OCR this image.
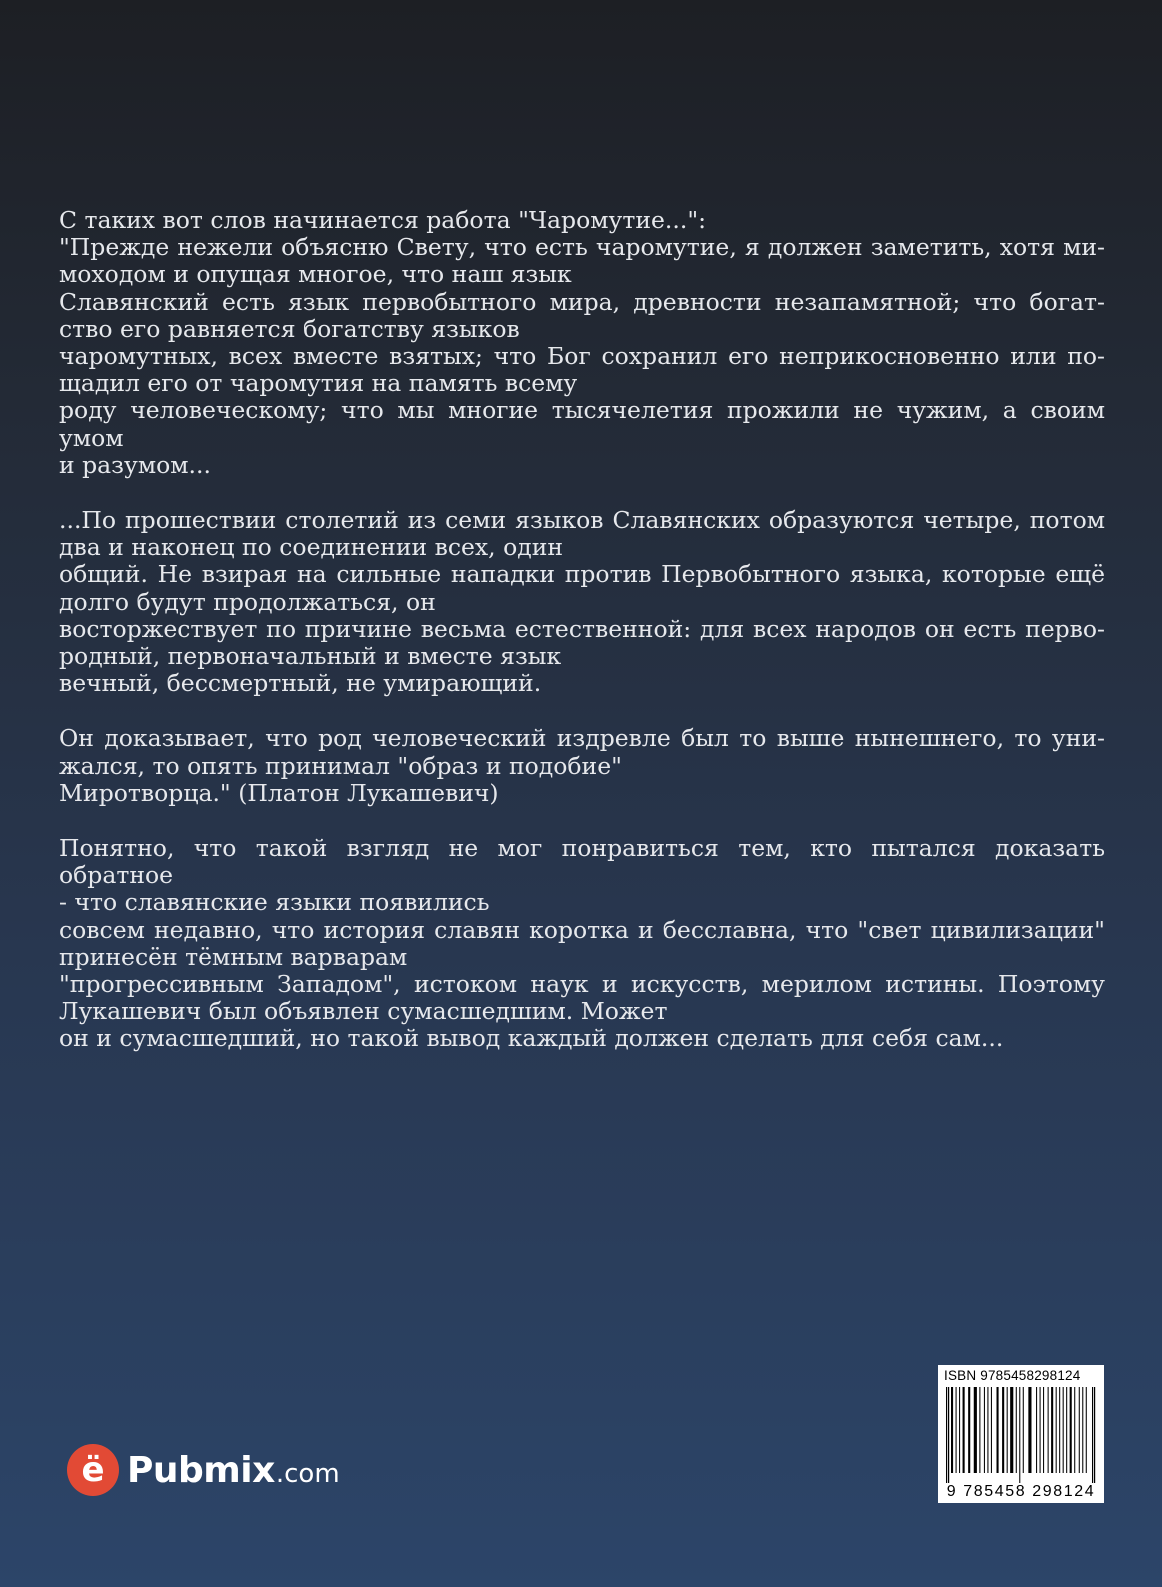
С таких вот слов начинается работа "Чаромутие...":
"Прежде нежели объясню Свету, что есть чаромутие, я должен заметить, хотя ми-
моходом и опущая многое, что наш язык
Славянский есть язык первобытного мира, древности незапамятной; что богат-
ство его равняется богатству языков
чаромутных, всех вместе взятых; что Бог сохранил его неприкосновенно или по-
щадил его от чаромутия на память всему
роду человеческому; что мы многие тысячелетия прожили не чужим, а своим умом
и разумом...

...По прошествии столетий из семи языков Славянских образуются четыре, потом
два и наконец по соединении всех, один
общий. Не взирая на сильные нападки против Первобытного языка, которые ещё
долго будут продолжаться, он
восторжествует по причине весьма естественной: для всех народов он есть перво-
родный, первоначальный и вместе язык
вечный, бессмертный, не умирающий.

Он доказывает, что род человеческий издревле был то выше нынешнего, то уни-
жался, то опять принимал "образ и подобие"
Миротворца." (Платон Лукашевич)

Понятно, что такой взгляд не мог понравиться тем, кто пытался доказать обратное
- что славянские языки появились
совсем недавно, что история славян коротка и бесславна, что "свет цивилизации"
принесён тёмным варварам
"прогрессивным Западом", истоком наук и искусств, мерилом истины. Поэтому
Лукашевич был объявлен сумасшедшим. Может
он и сумасшедший, но такой вывод каждый должен сделать для себя сам...

ё Pubmix .com
ISBN 9785458298124
9 785458 298124
